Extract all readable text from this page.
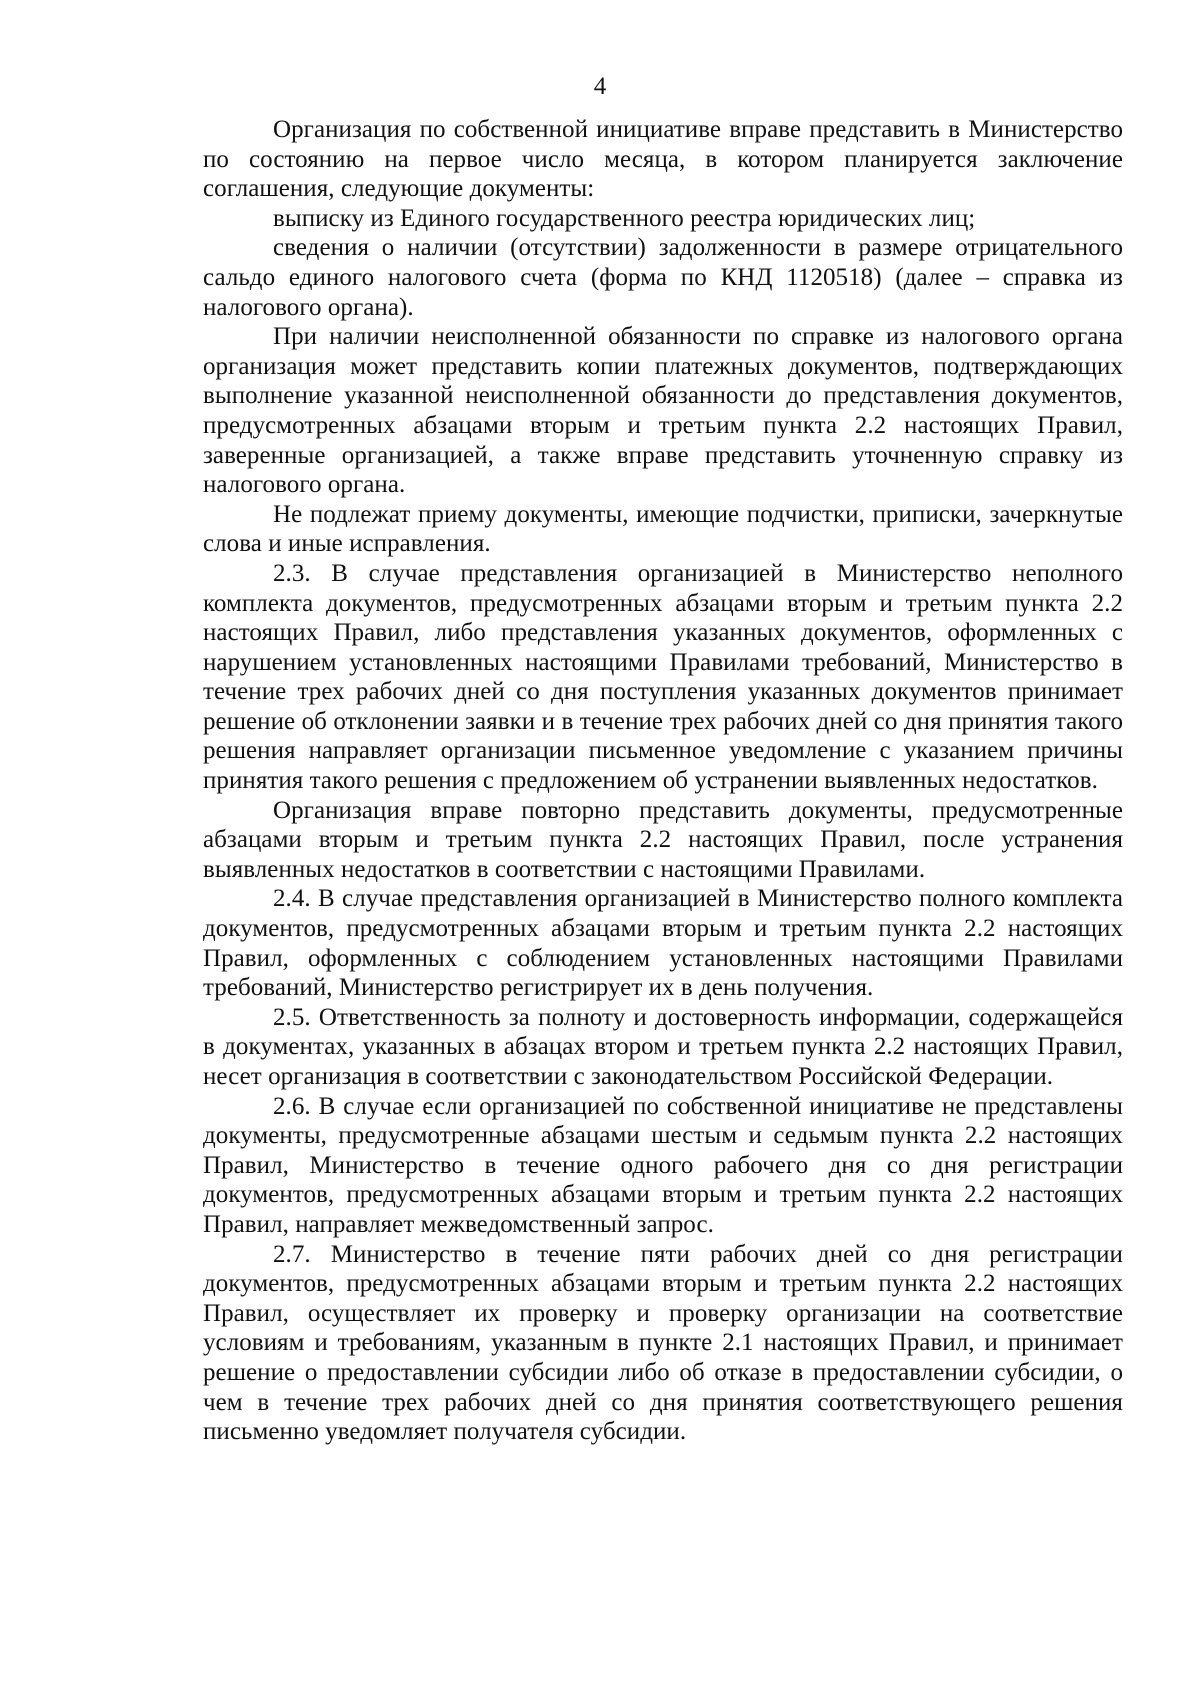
4

Организация по собственной инициативе вправе представить в Министерство по состоянию на первое число месяца, в котором планируется заключение соглашения, следующие документы:

выписку из Единого государственного реестра юридических лиц;

сведения о наличии (отсутствии) задолженности в размере отрицательного сальдо единого налогового счета (форма по КНД 1120518) (далее – справка из налогового органа).

При наличии неисполненной обязанности по справке из налогового органа организация может представить копии платежных документов, подтверждающих выполнение указанной неисполненной обязанности до представления документов, предусмотренных абзацами вторым и третьим пункта 2.2 настоящих Правил, заверенные организацией, а также вправе представить уточненную справку из налогового органа.

Не подлежат приему документы, имеющие подчистки, приписки, зачеркнутые слова и иные исправления.

2.3. В случае представления организацией в Министерство неполного комплекта документов, предусмотренных абзацами вторым и третьим пункта 2.2 настоящих Правил, либо представления указанных документов, оформленных с нарушением установленных настоящими Правилами требований, Министерство в течение трех рабочих дней со дня поступления указанных документов принимает решение об отклонении заявки и в течение трех рабочих дней со дня принятия такого решения направляет организации письменное уведомление с указанием причины принятия такого решения с предложением об устранении выявленных недостатков.

Организация вправе повторно представить документы, предусмотренные абзацами вторым и третьим пункта 2.2 настоящих Правил, после устранения выявленных недостатков в соответствии с настоящими Правилами.

2.4. В случае представления организацией в Министерство полного комплекта документов, предусмотренных абзацами вторым и третьим пункта 2.2 настоящих Правил, оформленных с соблюдением установленных настоящими Правилами требований, Министерство регистрирует их в день получения.

2.5. Ответственность за полноту и достоверность информации, содержащейся в документах, указанных в абзацах втором и третьем пункта 2.2 настоящих Правил, несет организация в соответствии с законодательством Российской Федерации.

2.6. В случае если организацией по собственной инициативе не представлены документы, предусмотренные абзацами шестым и седьмым пункта 2.2 настоящих Правил, Министерство в течение одного рабочего дня со дня регистрации документов, предусмотренных абзацами вторым и третьим пункта 2.2 настоящих Правил, направляет межведомственный запрос.

2.7. Министерство в течение пяти рабочих дней со дня регистрации документов, предусмотренных абзацами вторым и третьим пункта 2.2 настоящих Правил, осуществляет их проверку и проверку организации на соответствие условиям и требованиям, указанным в пункте 2.1 настоящих Правил, и принимает решение о предоставлении субсидии либо об отказе в предоставлении субсидии, о чем в течение трех рабочих дней со дня принятия соответствующего решения письменно уведомляет получателя субсидии.
